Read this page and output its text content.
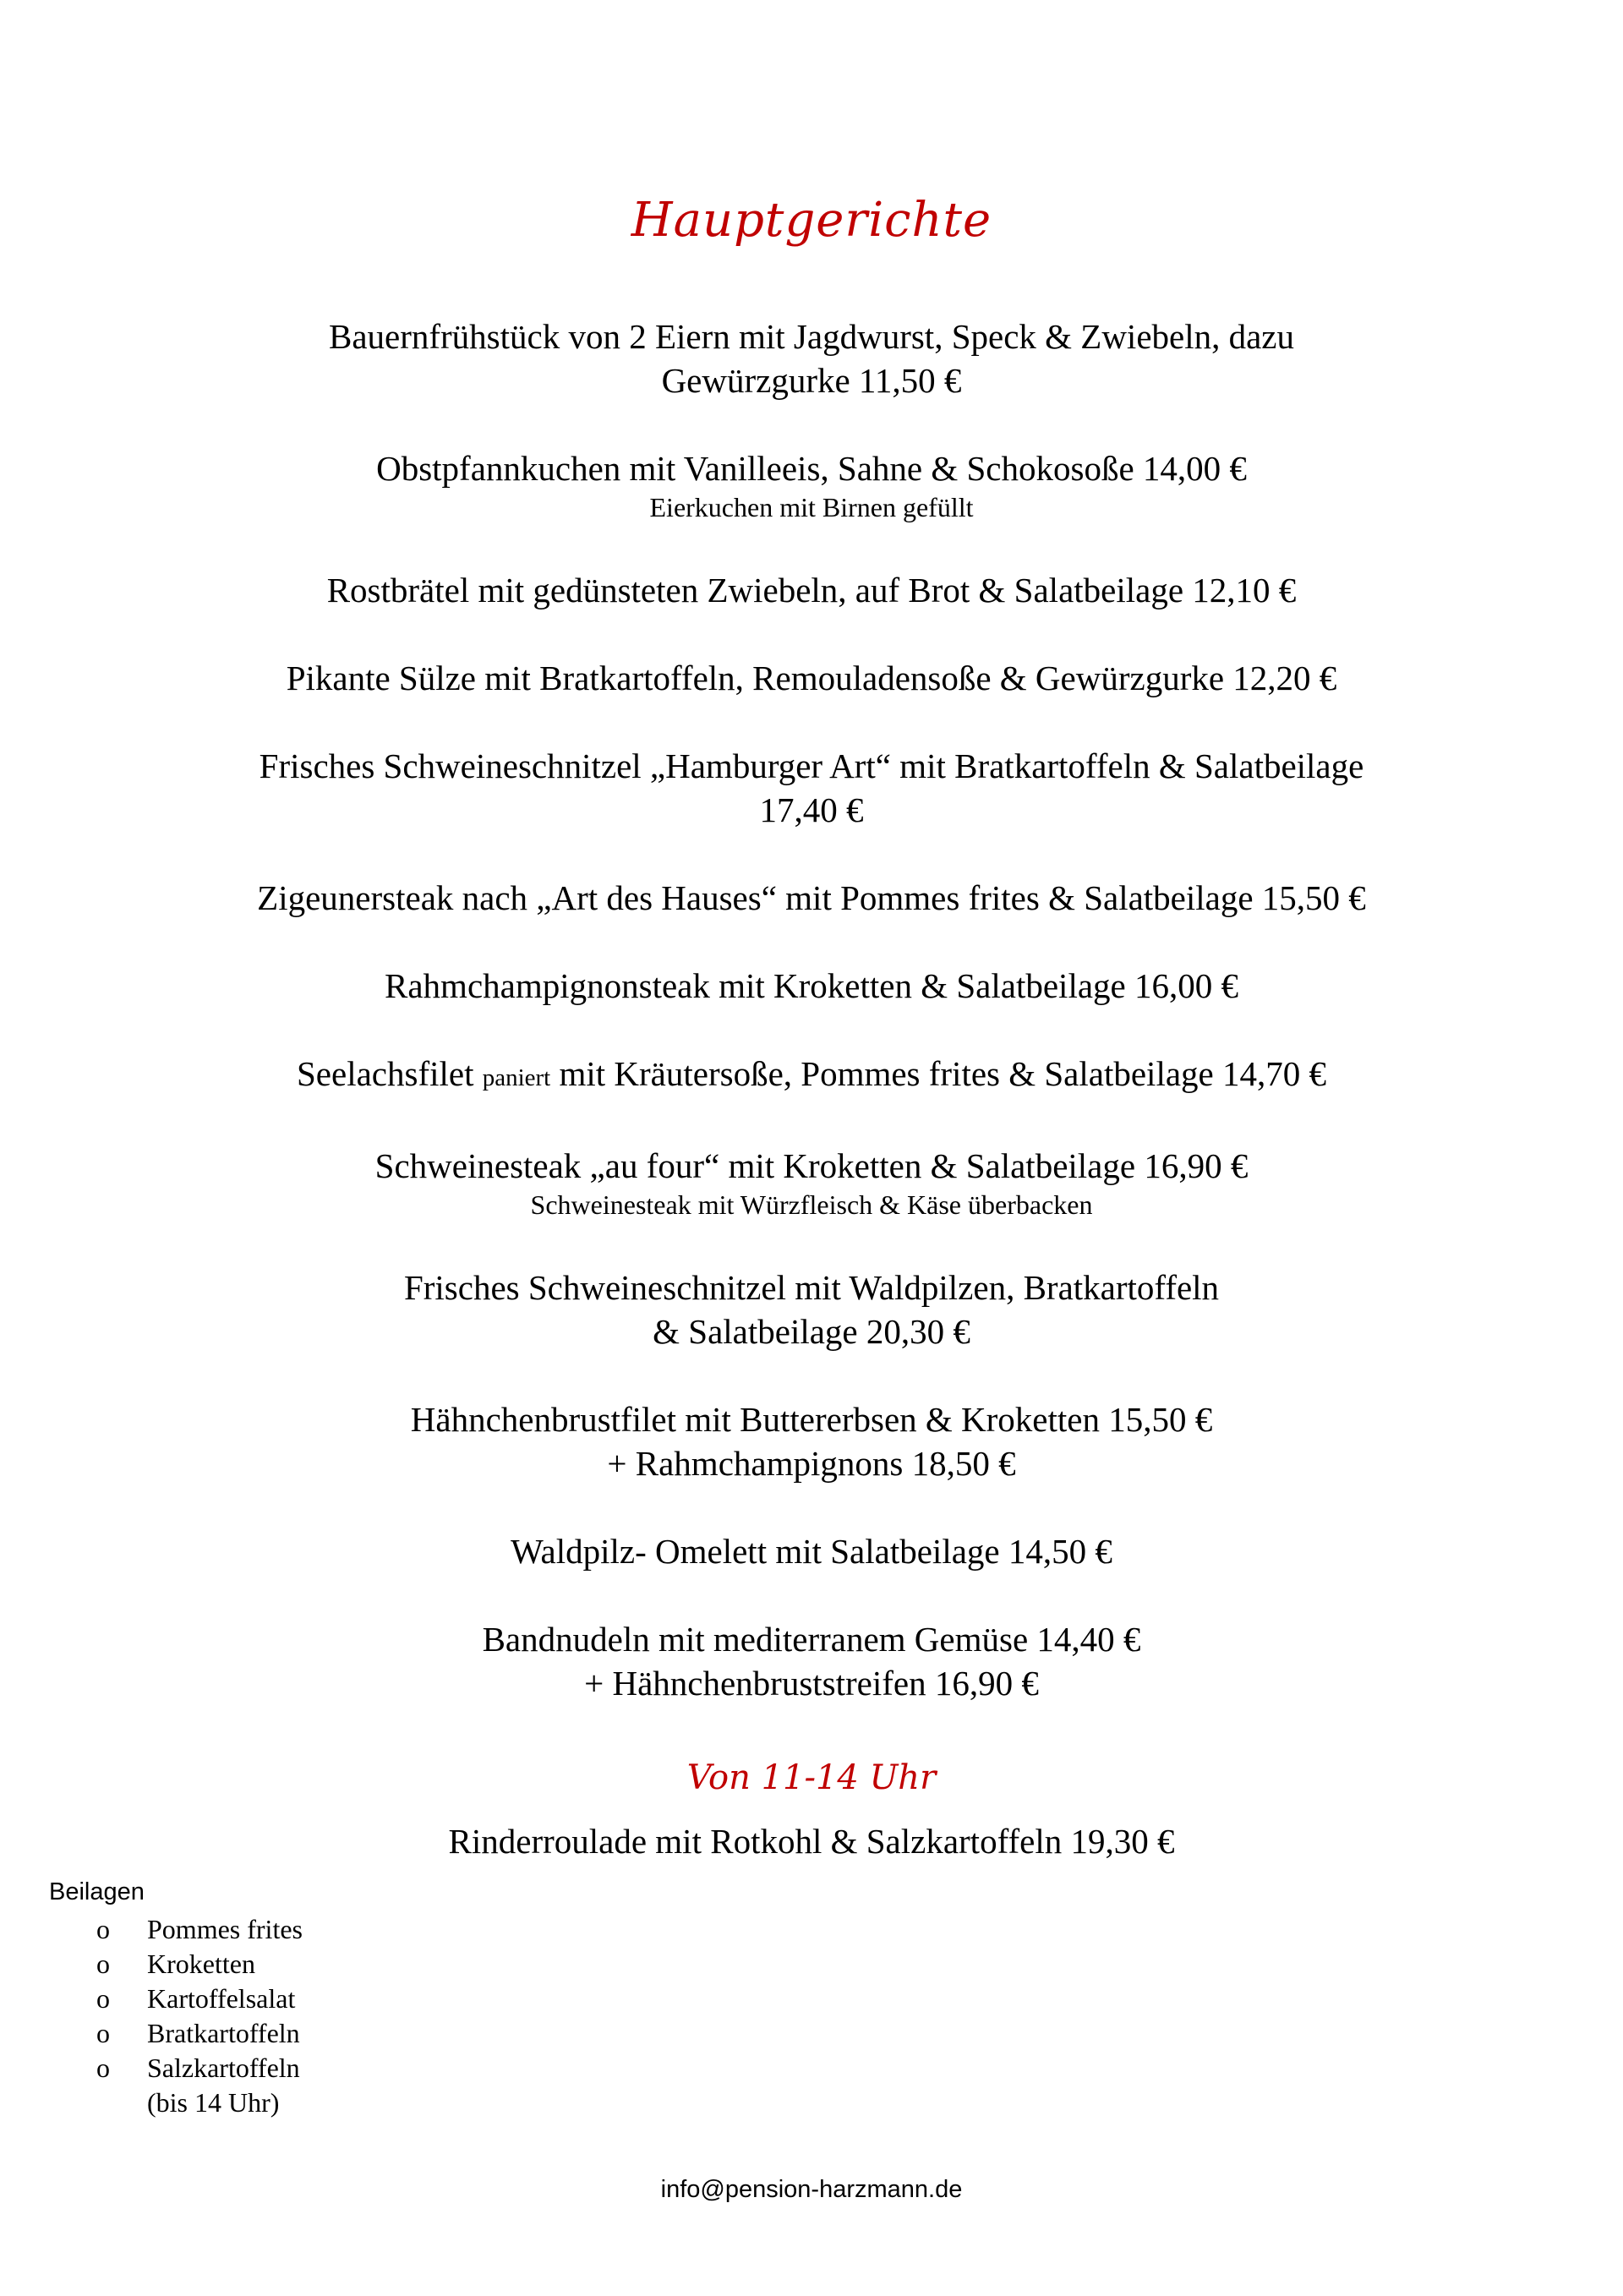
Hauptgerichte
Bauernfrühstück von 2 Eiern mit Jagdwurst, Speck & Zwiebeln, dazu
Gewürzgurke 11,50 €
Obstpfannkuchen mit Vanilleeis, Sahne & Schokosoße 14,00 €
Eierkuchen mit Birnen gefüllt
Rostbrätel mit gedünsteten Zwiebeln, auf Brot & Salatbeilage 12,10 €
Pikante Sülze mit Bratkartoffeln, Remouladensoße & Gewürzgurke 12,20 €
Frisches Schweineschnitzel „Hamburger Art“ mit Bratkartoffeln & Salatbeilage
17,40 €
Zigeunersteak nach „Art des Hauses“ mit Pommes frites & Salatbeilage 15,50 €
Rahmchampignonsteak mit Kroketten & Salatbeilage 16,00 €
Seelachsfilet paniert mit Kräutersoße, Pommes frites & Salatbeilage 14,70 €
Schweinesteak „au four“ mit Kroketten & Salatbeilage 16,90 €
Schweinesteak mit Würzfleisch & Käse überbacken
Frisches Schweineschnitzel mit Waldpilzen, Bratkartoffeln
& Salatbeilage 20,30 €
Hähnchenbrustfilet mit Buttererbsen & Kroketten 15,50 €
+ Rahmchampignons 18,50 €
Waldpilz- Omelett mit Salatbeilage 14,50 €
Bandnudeln mit mediterranem Gemüse 14,40 €
+ Hähnchenbruststreifen 16,90 €
Von 11-14 Uhr
Rinderroulade mit Rotkohl & Salzkartoffeln 19,30 €
Beilagen
o Pommes frites
o Kroketten
o Kartoffelsalat
o Bratkartoffeln
o Salzkartoffeln
(bis 14 Uhr)
info@pension-harzmann.de
